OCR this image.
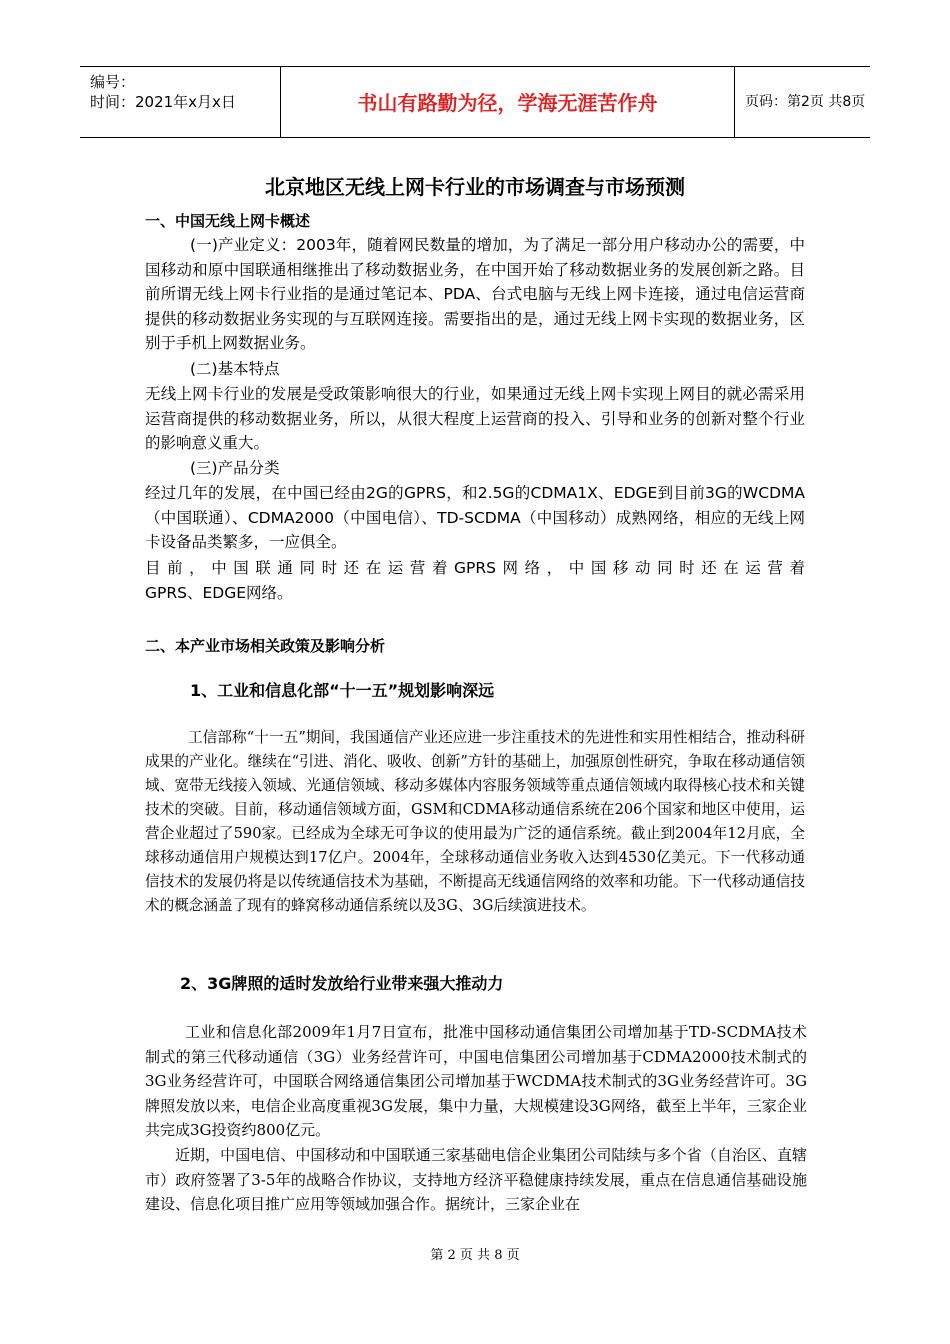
编号：
时间：2021年x月x日	书山有路勤为径，学海无涯苦作舟	页码：第2页 共8页
北京地区无线上网卡行业的市场调查与市场预测
一、中国无线上网卡概述
(一)产业定义：2003年，随着网民数量的增加，为了满足一部分用户移动办公的需要，中国移动和原中国联通相继推出了移动数据业务，在中国开始了移动数据业务的发展创新之路。目前所谓无线上网卡行业指的是通过笔记本、PDA、台式电脑与无线上网卡连接，通过电信运营商提供的移动数据业务实现的与互联网连接。需要指出的是，通过无线上网卡实现的数据业务，区别于手机上网数据业务。
(二)基本特点
无线上网卡行业的发展是受政策影响很大的行业，如果通过无线上网卡实现上网目的就必需采用运营商提供的移动数据业务，所以，从很大程度上运营商的投入、引导和业务的创新对整个行业的影响意义重大。
(三)产品分类
经过几年的发展，在中国已经由2G的GPRS，和2.5G的CDMA1X、EDGE到目前3G的WCDMA（中国联通）、CDMA2000（中国电信）、TD-SCDMA（中国移动）成熟网络，相应的无线上网卡设备品类繁多，一应俱全。
目前，中国联通同时还在运营着GPRS网络，中国移动同时还在运营着
GPRS、EDGE网络。
二、本产业市场相关政策及影响分析
1、工业和信息化部“十一五”规划影响深远
工信部称“十一五”期间，我国通信产业还应进一步注重技术的先进性和实用性相结合，推动科研成果的产业化。继续在“引进、消化、吸收、创新”方针的基础上，加强原创性研究，争取在移动通信领域、宽带无线接入领域、光通信领域、移动多媒体内容服务领域等重点通信领域内取得核心技术和关键技术的突破。目前，移动通信领域方面，GSM和CDMA移动通信系统在206个国家和地区中使用，运营企业超过了590家。已经成为全球无可争议的使用最为广泛的通信系统。截止到2004年12月底，全球移动通信用户规模达到17亿户。2004年，全球移动通信业务收入达到4530亿美元。下一代移动通信技术的发展仍将是以传统通信技术为基础，不断提高无线通信网络的效率和功能。下一代移动通信技术的概念涵盖了现有的蜂窝移动通信系统以及3G、3G后续演进技术。
2、3G牌照的适时发放给行业带来强大推动力
工业和信息化部2009年1月7日宣布，批准中国移动通信集团公司增加基于TD-SCDMA技术制式的第三代移动通信（3G）业务经营许可，中国电信集团公司增加基于CDMA2000技术制式的3G业务经营许可，中国联合网络通信集团公司增加基于WCDMA技术制式的3G业务经营许可。3G牌照发放以来，电信企业高度重视3G发展，集中力量，大规模建设3G网络，截至上半年，三家企业共完成3G投资约800亿元。
近期，中国电信、中国移动和中国联通三家基础电信企业集团公司陆续与多个省（自治区、直辖市）政府签署了3-5年的战略合作协议，支持地方经济平稳健康持续发展，重点在信息通信基础设施建设、信息化项目推广应用等领域加强合作。据统计，三家企业在
第 2 页 共 8 页
